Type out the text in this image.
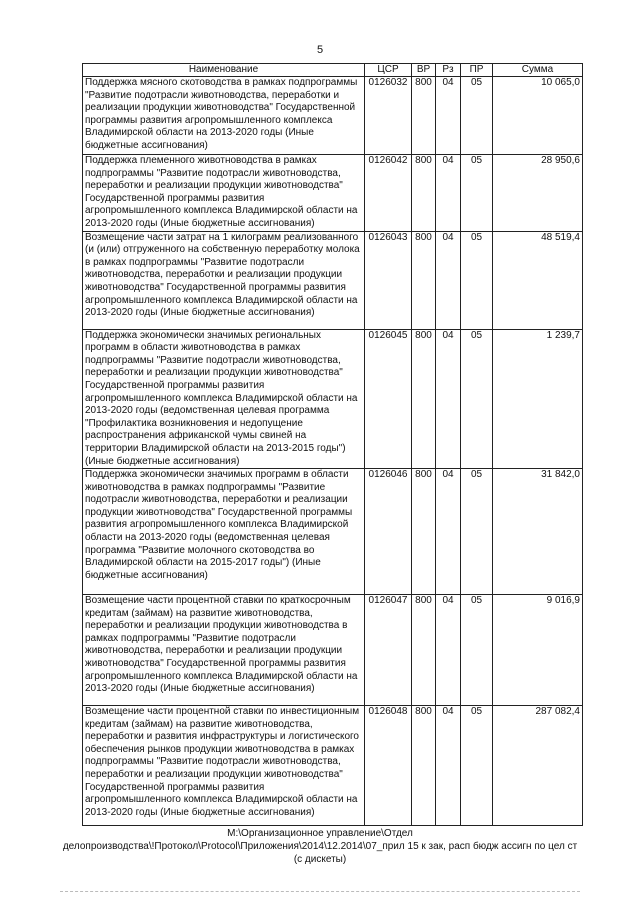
5
Наименование	ЦСР	ВР	Рз	ПР	Сумма
Поддержка мясного скотоводства в рамках подпрограммы "Развитие подотрасли животноводства, переработки и реализации продукции животноводства" Государственной программы развития агропромышленного комплекса Владимирской области на 2013-2020 годы (Иные бюджетные ассигнования)	0126032	800	04	05	10 065,0
Поддержка племенного животноводства в рамках подпрограммы "Развитие подотрасли животноводства, переработки и реализации продукции животноводства" Государственной программы развития агропромышленного комплекса Владимирской области на 2013-2020 годы (Иные бюджетные ассигнования)	0126042	800	04	05	28 950,6
Возмещение части затрат на 1 килограмм реализованного (и (или) отгруженного на собственную переработку молока в рамках подпрограммы "Развитие подотрасли животноводства, переработки и реализации продукции животноводства" Государственной программы развития агропромышленного комплекса Владимирской области на 2013-2020 годы (Иные бюджетные ассигнования)	0126043	800	04	05	48 519,4
Поддержка экономически значимых региональных программ в области животноводства в рамках подпрограммы "Развитие подотрасли животноводства, переработки и реализации продукции животноводства" Государственной программы развития агропромышленного комплекса Владимирской области на 2013-2020 годы (ведомственная целевая программа "Профилактика возникновения и недопущение распространения африканской чумы свиней на территории Владимирской области на 2013-2015 годы") (Иные бюджетные ассигнования)	0126045	800	04	05	1 239,7
Поддержка экономически значимых программ в области животноводства в рамках подпрограммы "Развитие подотрасли животноводства, переработки и реализации продукции животноводства" Государственной программы развития агропромышленного комплекса Владимирской области на 2013-2020 годы (ведомственная целевая программа "Развитие молочного скотоводства во Владимирской области на 2015-2017 годы") (Иные бюджетные ассигнования)	0126046	800	04	05	31 842,0
Возмещение части процентной ставки по краткосрочным кредитам (займам) на развитие животноводства, переработки и реализации продукции животноводства в рамках подпрограммы "Развитие подотрасли животноводства, переработки и реализации продукции животноводства" Государственной программы развития агропромышленного комплекса Владимирской области на 2013-2020 годы (Иные бюджетные ассигнования)	0126047	800	04	05	9 016,9
Возмещение части процентной ставки по инвестиционным кредитам (займам) на развитие животноводства, переработки и развития инфраструктуры и логистического обеспечения рынков продукции животноводства в рамках подпрограммы "Развитие подотрасли животноводства, переработки и реализации продукции животноводства" Государственной программы развития агропромышленного комплекса Владимирской области на 2013-2020 годы (Иные бюджетные ассигнования)	0126048	800	04	05	287 082,4
M:\Организационное управление\Отдел
делопроизводства\!Протокол\Protocol\Приложения\2014\12.2014\07_прил 15 к зак, расп бюдж ассигн по цел ст
(с дискеты)
